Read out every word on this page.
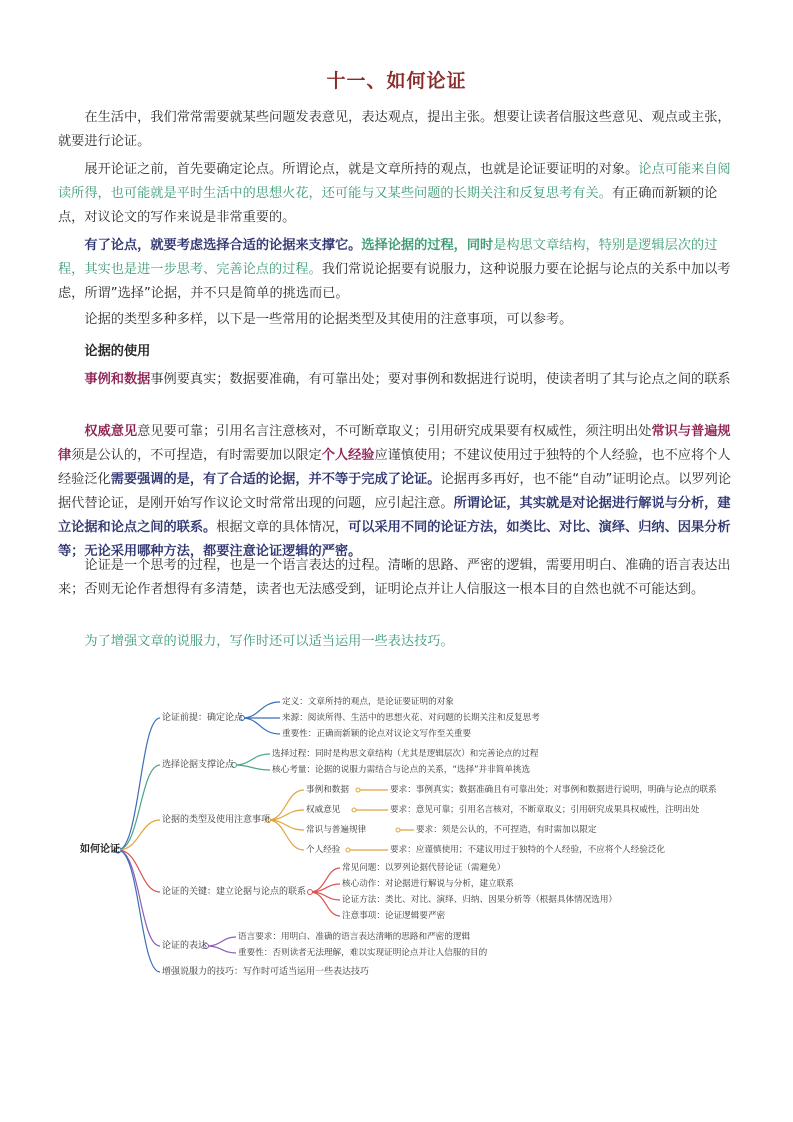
十一、如何论证

在生活中，我们常常需要就某些问题发表意见，表达观点，提出主张。想要让读者信服这些意见、观点或主张，就要进行论证。

展开论证之前，首先要确定论点。所谓论点，就是文章所持的观点，也就是论证要证明的对象。论点可能来自阅读所得，也可能就是平时生活中的思想火花，还可能与又某些问题的长期关注和反复思考有关。有正确而新颖的论点，对议论文的写作来说是非常重要的。

有了论点，就要考虑选择合适的论据来支撑它。选择论据的过程，同时是构思文章结构，特别是逻辑层次的过程，其实也是进一步思考、完善论点的过程。我们常说论据要有说服力，这种说服力要在论据与论点的关系中加以考虑，所谓”选择”论据，并不只是简单的挑选而已。

论据的类型多种多样，以下是一些常用的论据类型及其使用的注意事项，可以参考。

论据的使用

事例和数据事例要真实；数据要准确，有可靠出处；要对事例和数据进行说明，使读者明了其与论点之间的联系

权威意见意见要可靠；引用名言注意核对，不可断章取义；引用研究成果要有权威性，须注明出处常识与普遍规律须是公认的，不可捏造，有时需要加以限定个人经验应谨慎使用；不建议使用过于独特的个人经验，也不应将个人经验泛化需要强调的是，有了合适的论据，并不等于完成了论证。论据再多再好，也不能“自动”证明论点。以罗列论据代替论证，是刚开始写作议论文时常常出现的问题，应引起注意。所谓论证，其实就是对论据进行解说与分析，建立论据和论点之间的联系。根据文章的具体情况，可以采用不同的论证方法，如类比、对比、演绎、归纳、因果分析等；无论采用哪种方法，都要注意论证逻辑的严密。

论证是一个思考的过程，也是一个语言表达的过程。清晰的思路、严密的逻辑，需要用明白、准确的语言表达出来；否则无论作者想得有多清楚，读者也无法感受到，证明论点并让人信服这一根本目的自然也就不可能达到。

为了增强文章的说服力，写作时还可以适当运用一些表达技巧。

如何论证
论证前提：确定论点
定义：文章所持的观点，是论证要证明的对象
来源：阅读所得、生活中的思想火花、对问题的长期关注和反复思考
重要性：正确而新颖的论点对议论文写作至关重要
选择论据支撑论点
选择过程：同时是构思文章结构（尤其是逻辑层次）和完善论点的过程
核心考量：论据的说服力需结合与论点的关系，“选择”并非简单挑选
论据的类型及使用注意事项
事例和数据	要求：事例真实；数据准确且有可靠出处；对事例和数据进行说明，明确与论点的联系
权威意见	要求：意见可靠；引用名言核对，不断章取义；引用研究成果具权威性，注明出处
常识与普遍规律	要求：须是公认的，不可捏造，有时需加以限定
个人经验	要求：应谨慎使用；不建议用过于独特的个人经验，不应将个人经验泛化
论证的关键：建立论据与论点的联系
常见问题：以罗列论据代替论证（需避免）
核心动作：对论据进行解说与分析，建立联系
论证方法：类比、对比、演绎、归纳、因果分析等（根据具体情况选用）
注意事项：论证逻辑要严密
论证的表达
语言要求：用明白、准确的语言表达清晰的思路和严密的逻辑
重要性：否则读者无法理解，难以实现证明论点并让人信服的目的
增强说服力的技巧：写作时可适当运用一些表达技巧
